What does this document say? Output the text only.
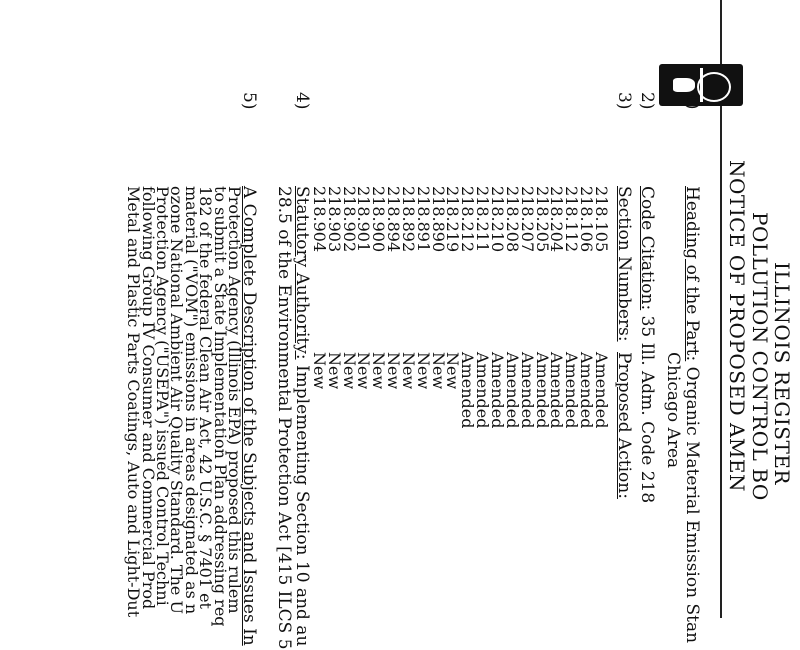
ILLINOIS REGISTER
POLLUTION CONTROL BO
NOTICE OF PROPOSED AMEN
1)
Heading of the Part: Organic Material Emission Stan
Chicago Area
2)
Code Citation: 35 Ill. Adm. Code 218
3)
Section Numbers:
Proposed Action:
218.105
Amended
218.106
Amended
218.112
Amended
218.204
Amended
218.205
Amended
218.207
Amended
218.208
Amended
218.210
Amended
218.211
Amended
218.212
Amended
218.219
New
218.890
New
218.891
New
218.892
New
218.894
New
218.900
New
218.901
New
218.902
New
218.903
New
218.904
New
4)
Statutory Authority: Implementing Section 10 and au
28.5 of the Environmental Protection Act [415 ILCS 5
5)
A Complete Description of the Subjects and Issues In
Protection Agency (Illinois EPA) proposed this rulem
to submit a State Implementation Plan addressing req
182 of the federal Clean Air Act, 42 U.S.C. § 7401 et
material ("VOM") emissions in areas designated as n
ozone National Ambient Air Quality Standard. The U
Protection Agency ("USEPA") issued Control Techni
following Group IV Consumer and Commercial Prod
Metal and Plastic Parts Coatings, Auto and Light-Dut
